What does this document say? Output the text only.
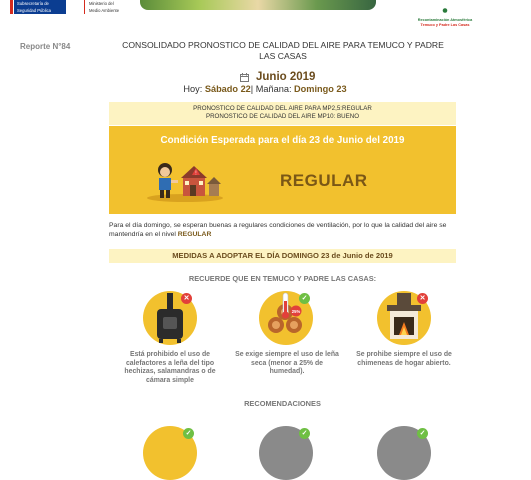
Subsecretaría de
Seguridad Pública
Ministerio del
Medio Ambiente
Recontaminación Atmosférica
Temuco y Padre Las Casas
Reporte N°84	CONSOLIDADO PRONOSTICO DE CALIDAD DEL AIRE PARA TEMUCO Y PADRE LAS CASAS
Junio 2019
Hoy: Sábado 22| Mañana: Domingo 23
PRONOSTICO DE CALIDAD DEL AIRE PARA MP2,5:REGULAR
PRONOSTICO DE CALIDAD DEL AIRE MP10: BUENO
Condición Esperada para el día 23 de Junio del 2019
!	REGULAR
Para el día domingo, se esperan buenas a regulares condiciones de ventilación, por lo que la calidad del aire se mantendría en el nivel REGULAR
MEDIDAS A ADOPTAR EL DÍA DOMINGO 23 de Junio de 2019
RECUERDE QUE EN TEMUCO Y PADRE LAS CASAS:
✕
Está prohibido el uso de calefactores a leña del tipo hechizas, salamandras o de cámara simple
25%
✓
Se exige siempre el uso de leña seca (menor a 25% de humedad).
✕
Se prohibe siempre el uso de chimeneas de hogar abierto.
RECOMENDACIONES
✓	✓	✓
